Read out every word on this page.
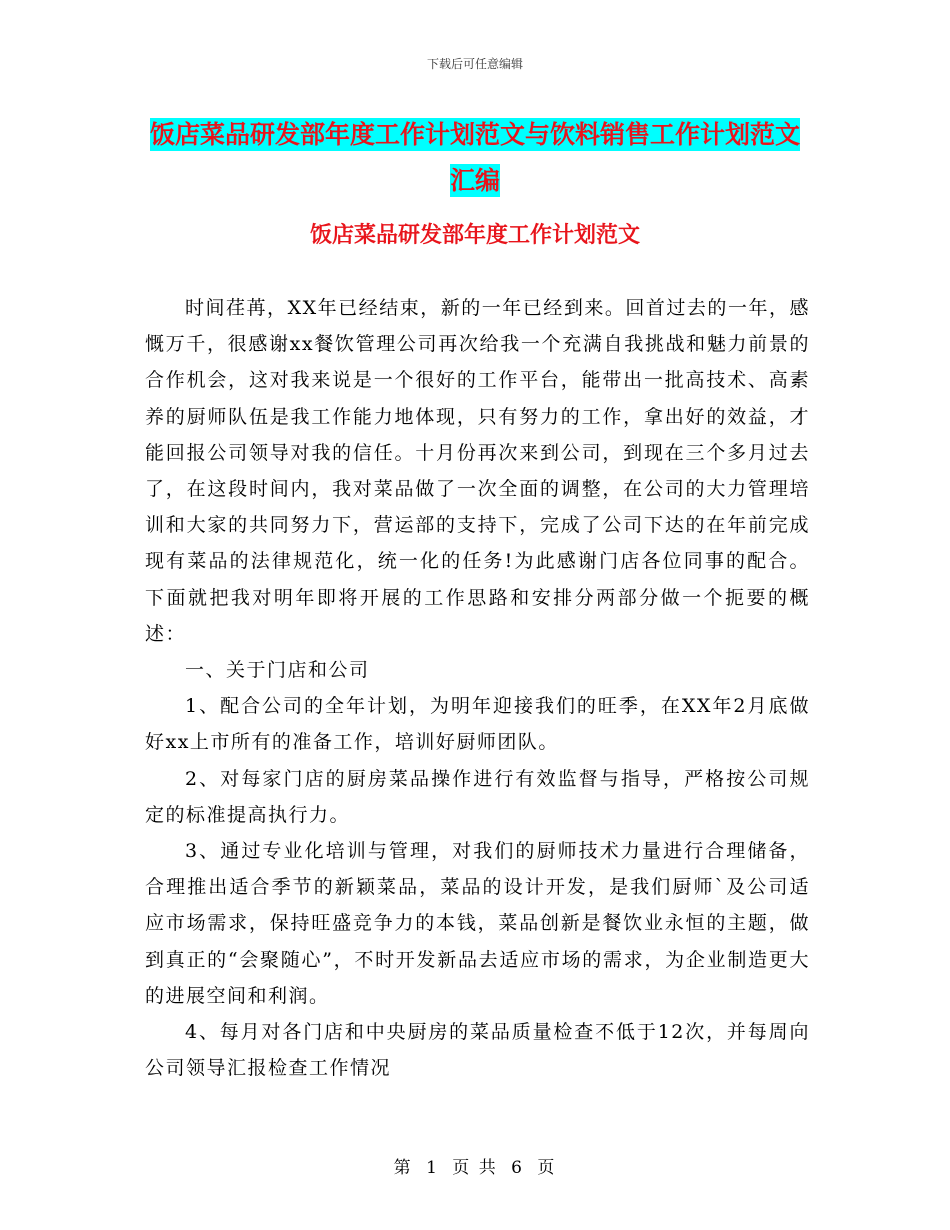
下载后可任意编辑
饭店菜品研发部年度工作计划范文与饮料销售工作计划范文汇编
饭店菜品研发部年度工作计划范文

时间荏苒，XX年已经结束，新的一年已经到来。回首过去的一年，感慨万千，很感谢xx餐饮管理公司再次给我一个充满自我挑战和魅力前景的合作机会，这对我来说是一个很好的工作平台，能带出一批高技术、高素养的厨师队伍是我工作能力地体现，只有努力的工作，拿出好的效益，才能回报公司领导对我的信任。十月份再次来到公司，到现在三个多月过去了，在这段时间内，我对菜品做了一次全面的调整，在公司的大力管理培训和大家的共同努力下，营运部的支持下，完成了公司下达的在年前完成现有菜品的法律规范化，统一化的任务!为此感谢门店各位同事的配合。下面就把我对明年即将开展的工作思路和安排分两部分做一个扼要的概述：

一、关于门店和公司

1、配合公司的全年计划，为明年迎接我们的旺季，在XX年2月底做好xx上市所有的准备工作，培训好厨师团队。

2、对每家门店的厨房菜品操作进行有效监督与指导，严格按公司规定的标准提高执行力。

3、通过专业化培训与管理，对我们的厨师技术力量进行合理储备，合理推出适合季节的新颖菜品，菜品的设计开发，是我们厨师`及公司适应市场需求，保持旺盛竞争力的本钱，菜品创新是餐饮业永恒的主题，做到真正的“会聚随心”，不时开发新品去适应市场的需求，为企业制造更大的进展空间和利润。

4、每月对各门店和中央厨房的菜品质量检查不低于12次，并每周向公司领导汇报检查工作情况

第 1 页 共 6 页
